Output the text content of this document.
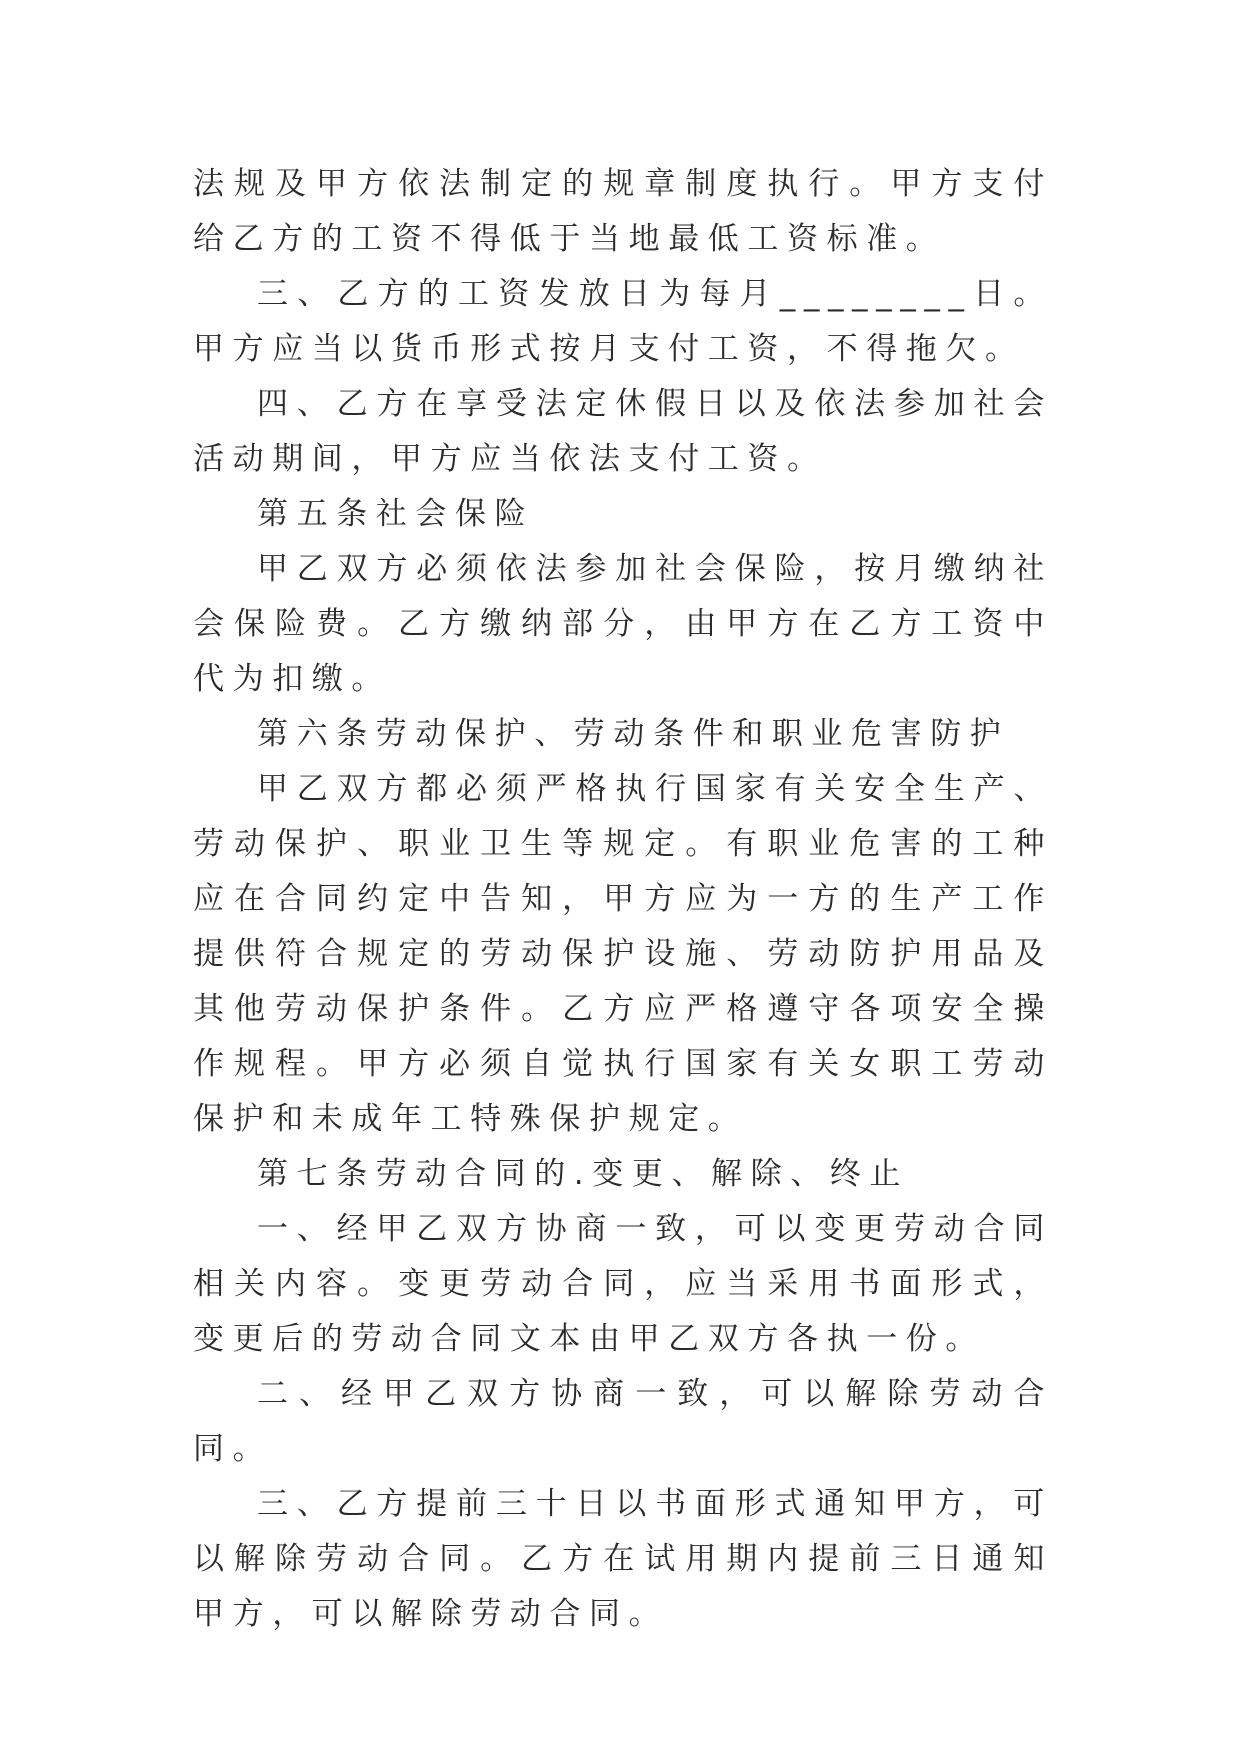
法规及甲方依法制定的规章制度执行。甲方支付给乙方的工资不得低于当地最低工资标准。

三、乙方的工资发放日为每月________日。甲方应当以货币形式按月支付工资，不得拖欠。

四、乙方在享受法定休假日以及依法参加社会活动期间，甲方应当依法支付工资。

第五条社会保险

甲乙双方必须依法参加社会保险，按月缴纳社会保险费。乙方缴纳部分，由甲方在乙方工资中代为扣缴。

第六条劳动保护、劳动条件和职业危害防护

甲乙双方都必须严格执行国家有关安全生产、劳动保护、职业卫生等规定。有职业危害的工种应在合同约定中告知，甲方应为一方的生产工作提供符合规定的劳动保护设施、劳动防护用品及其他劳动保护条件。乙方应严格遵守各项安全操作规程。甲方必须自觉执行国家有关女职工劳动保护和未成年工特殊保护规定。

第七条劳动合同的.变更、解除、终止

一、经甲乙双方协商一致，可以变更劳动合同相关内容。变更劳动合同，应当采用书面形式，变更后的劳动合同文本由甲乙双方各执一份。

二、经甲乙双方协商一致，可以解除劳动合同。

三、乙方提前三十日以书面形式通知甲方，可以解除劳动合同。乙方在试用期内提前三日通知甲方，可以解除劳动合同。
